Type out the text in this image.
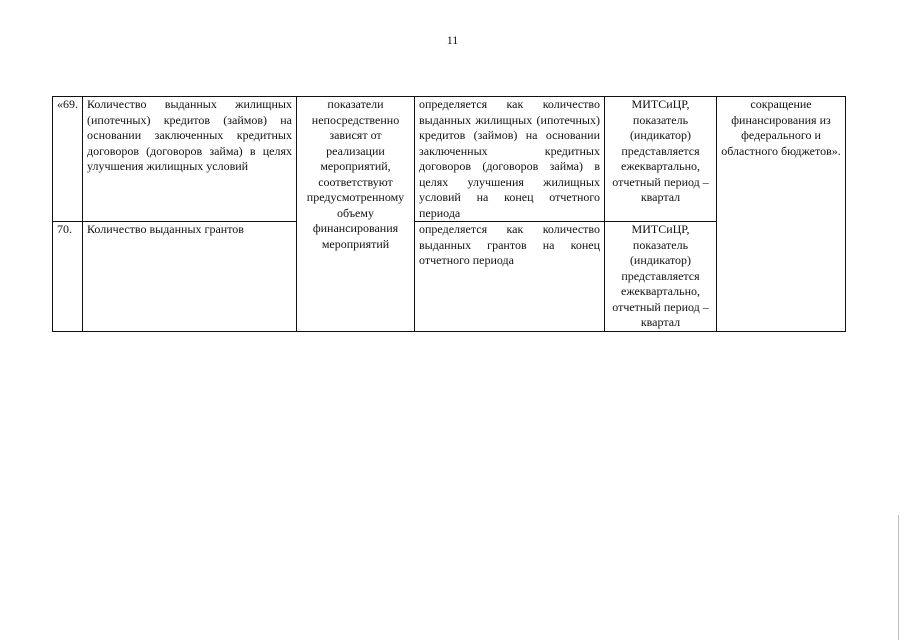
11
«69.	Количество выданных жилищных (ипотечных) кредитов (займов) на основании заключенных кредитных договоров (договоров займа) в целях улучшения жилищных условий	показатели непосредственно зависят от реализации мероприятий, соответствуют предусмотренному объему финансирования мероприятий	определяется как количество выданных жилищных (ипотечных) кредитов (займов) на основании заключенных кредитных договоров (договоров займа) в целях улучшения жилищных условий на конец отчетного периода	МИТСиЦР, показатель (индикатор) представляется ежеквартально, отчетный период – квартал	сокращение финансирования из федерального и областного бюджетов».
70.	Количество выданных грантов		определяется как количество выданных грантов на конец отчетного периода	МИТСиЦР, показатель (индикатор) представляется ежеквартально, отчетный период – квартал	
